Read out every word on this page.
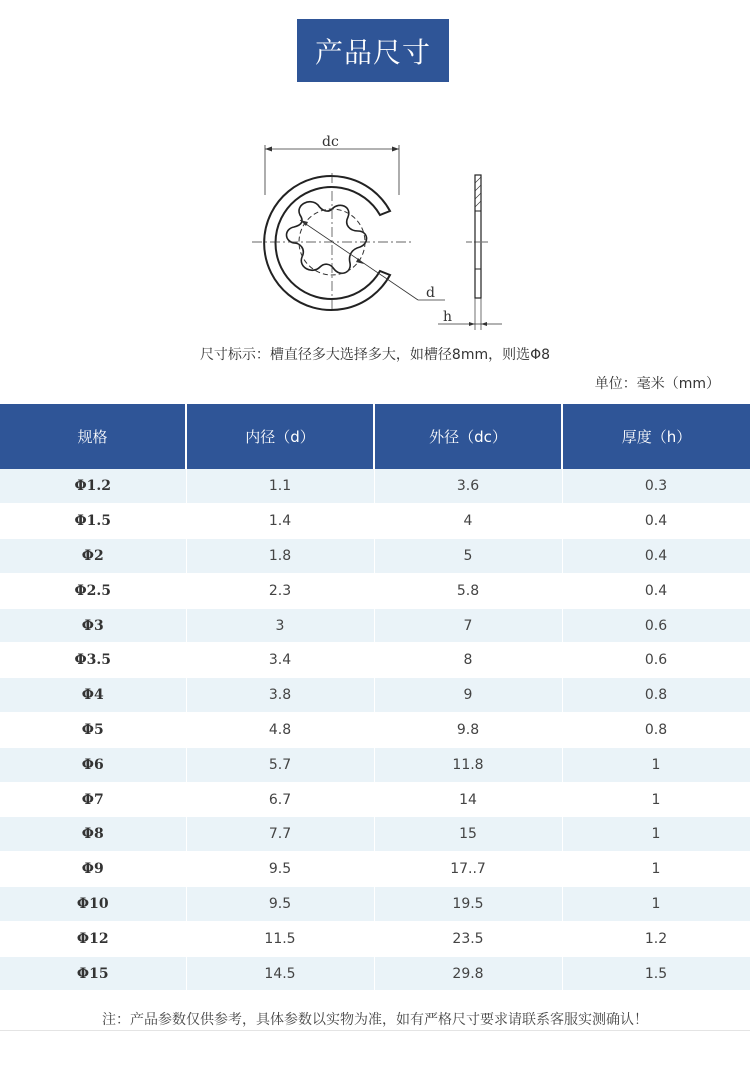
产品尺寸
dc
d
h
尺寸标示：槽直径多大选择多大，如槽径8mm，则选Φ8
单位：毫米（mm）
规格	内径（d）	外径（dc）	厚度（h）
Φ1.2	1.1	3.6	0.3
Φ1.5	1.4	4	0.4
Φ2	1.8	5	0.4
Φ2.5	2.3	5.8	0.4
Φ3	3	7	0.6
Φ3.5	3.4	8	0.6
Φ4	3.8	9	0.8
Φ5	4.8	9.8	0.8
Φ6	5.7	11.8	1
Φ7	6.7	14	1
Φ8	7.7	15	1
Φ9	9.5	17..7	1
Φ10	9.5	19.5	1
Φ12	11.5	23.5	1.2
Φ15	14.5	29.8	1.5
注：产品参数仅供参考，具体参数以实物为准，如有严格尺寸要求请联系客服实测确认！
